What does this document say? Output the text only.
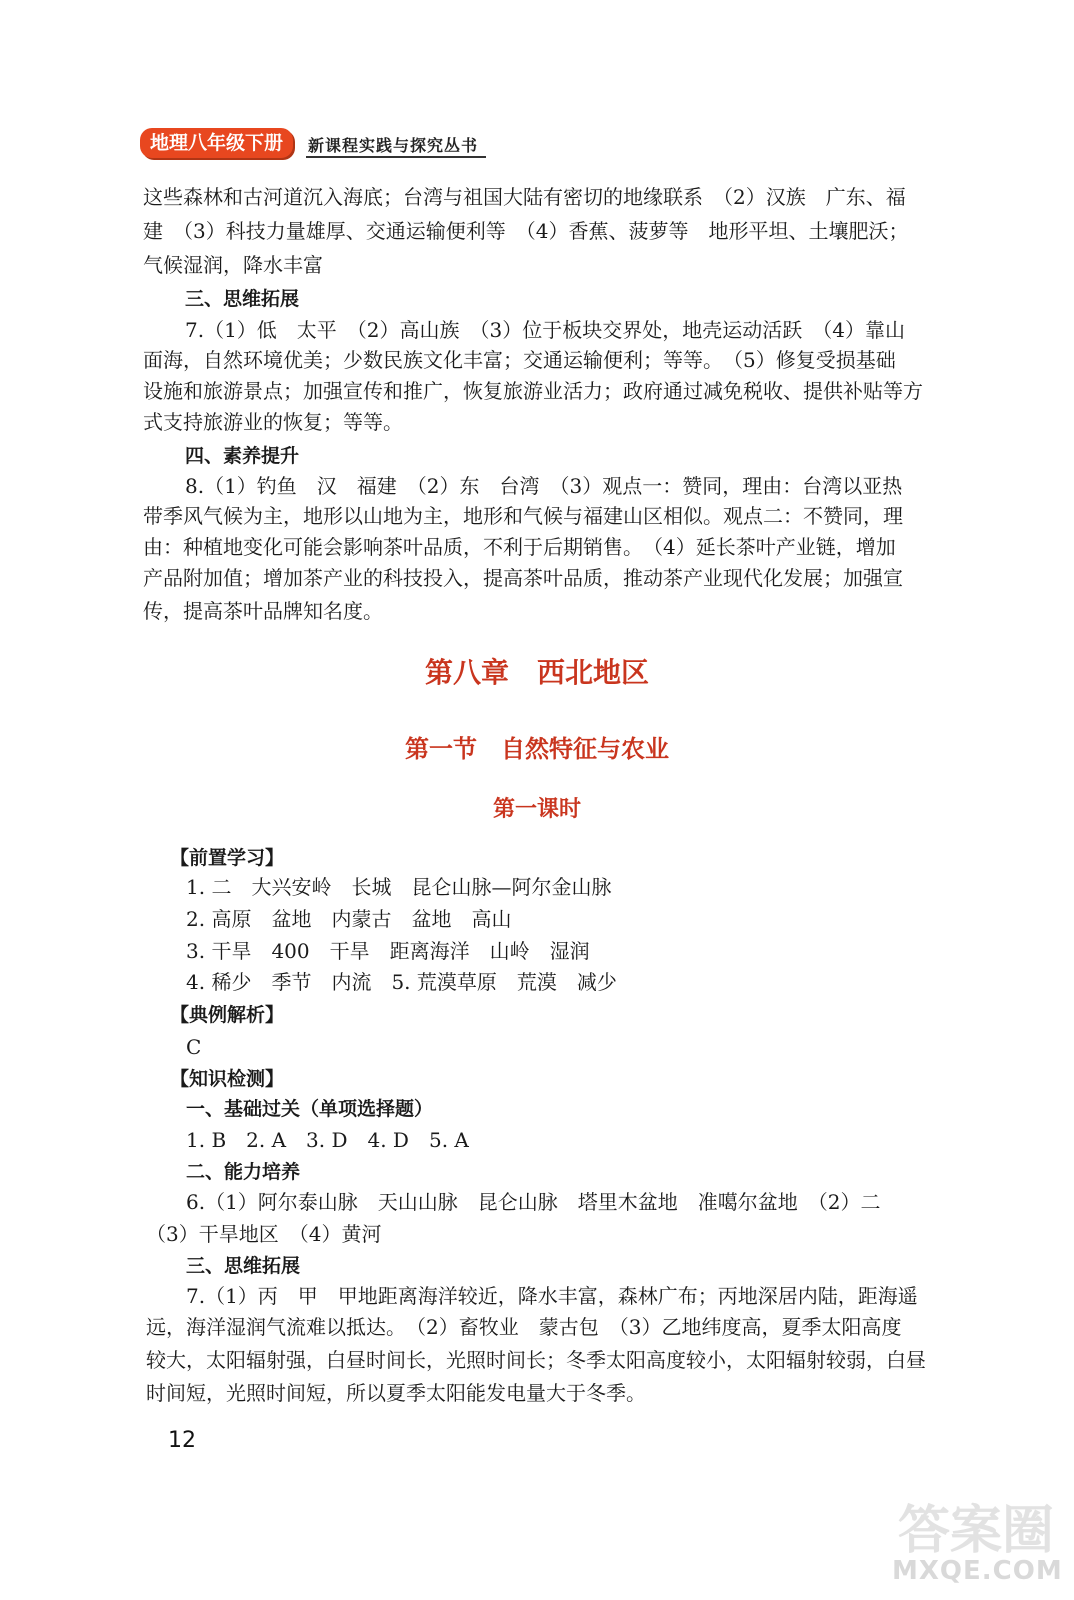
地理八年级下册	新课程实践与探究丛书
这些森林和古河道沉入海底；台湾与祖国大陆有密切的地缘联系　（2）汉族　广东、福
建　（3）科技力量雄厚、交通运输便利等　（4）香蕉、菠萝等　地形平坦、土壤肥沃；
气候湿润，降水丰富
三、思维拓展
7.（1）低　太平　（2）高山族　（3）位于板块交界处，地壳运动活跃　（4）靠山
面海，自然环境优美；少数民族文化丰富；交通运输便利；等等。　（5）修复受损基础
设施和旅游景点；加强宣传和推广，恢复旅游业活力；政府通过减免税收、提供补贴等方
式支持旅游业的恢复；等等。
四、素养提升
8.（1）钓鱼　汉　福建　（2）东　台湾　（3）观点一：赞同，理由：台湾以亚热
带季风气候为主，地形以山地为主，地形和气候与福建山区相似。观点二：不赞同，理
由：种植地变化可能会影响茶叶品质，不利于后期销售。　（4）延长茶叶产业链，增加
产品附加值；增加茶产业的科技投入，提高茶叶品质，推动茶产业现代化发展；加强宣
传，提高茶叶品牌知名度。
第八章　西北地区
第一节　自然特征与农业
第一课时
【前置学习】
1. 二　大兴安岭　长城　昆仑山脉—阿尔金山脉
2. 高原　盆地　内蒙古　盆地　高山
3. 干旱　400　干旱　距离海洋　山岭　湿润
4. 稀少　季节　内流　5. 荒漠草原　荒漠　减少
【典例解析】
C
【知识检测】
一、基础过关（单项选择题）
1. B　2. A　3. D　4. D　5. A
二、能力培养
6.（1）阿尔泰山脉　天山山脉　昆仑山脉　塔里木盆地　准噶尔盆地　（2）二
（3）干旱地区　（4）黄河
三、思维拓展
7.（1）丙　甲　甲地距离海洋较近，降水丰富，森林广布；丙地深居内陆，距海遥
远，海洋湿润气流难以抵达。　（2）畜牧业　蒙古包　（3）乙地纬度高，夏季太阳高度
较大，太阳辐射强，白昼时间长，光照时间长；冬季太阳高度较小，太阳辐射较弱，白昼
时间短，光照时间短，所以夏季太阳能发电量大于冬季。
12
答案圈
MXQE.COM
